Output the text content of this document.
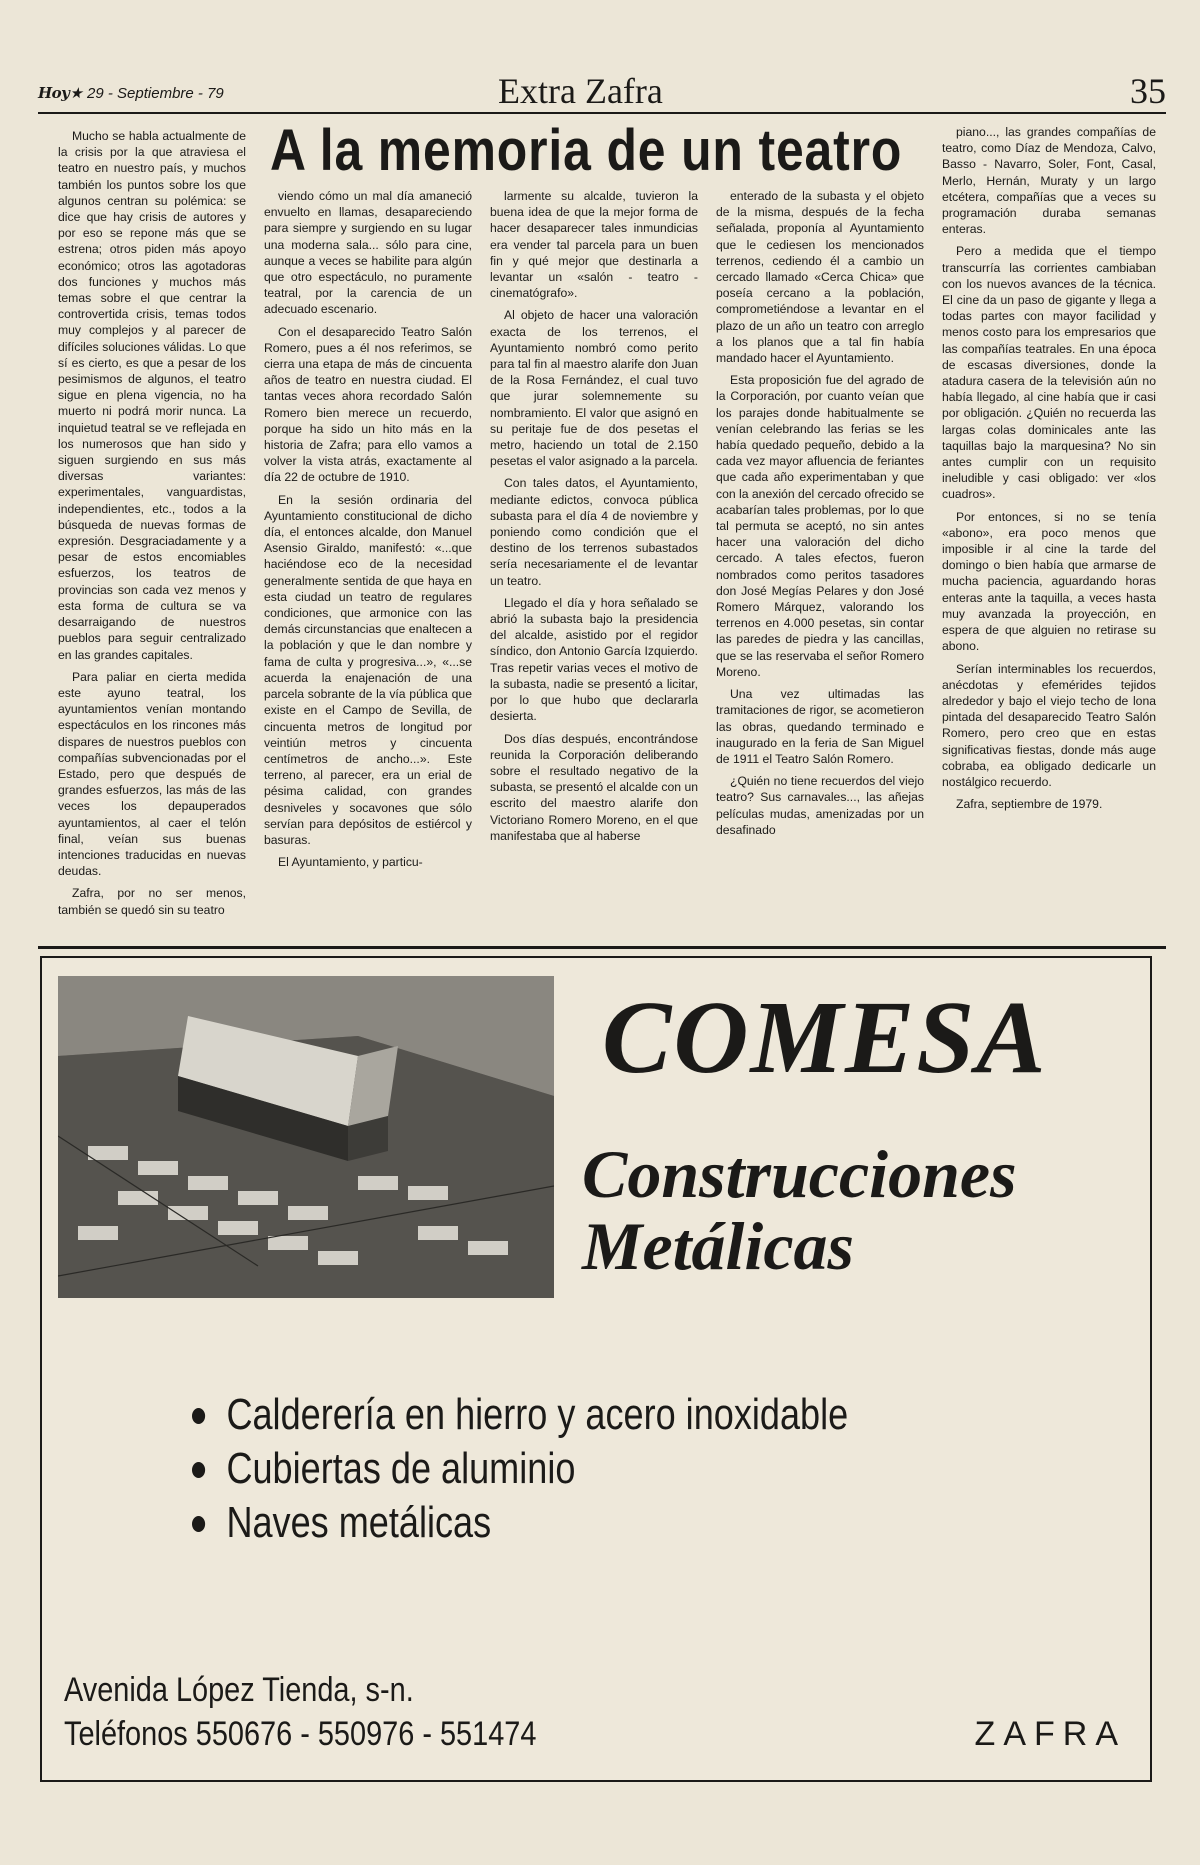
Hoy★ 29 - Septiembre - 79	Extra Zafra	35
A la memoria de un teatro

Mucho se habla actualmente de la crisis por la que atraviesa el teatro en nuestro país, y muchos también los puntos sobre los que algunos centran su polémica: se dice que hay crisis de autores y por eso se repone más que se estrena; otros piden más apoyo económico; otros las agotadoras dos funciones y muchos más temas sobre el que centrar la controvertida crisis, temas todos muy complejos y al parecer de difíciles soluciones válidas. Lo que sí es cierto, es que a pesar de los pesimismos de algunos, el teatro sigue en plena vigencia, no ha muerto ni podrá morir nunca. La inquietud teatral se ve reflejada en los numerosos que han sido y siguen surgiendo en sus más diversas variantes: experimentales, vanguardistas, independientes, etc., todos a la búsqueda de nuevas formas de expresión. Desgraciadamente y a pesar de estos encomiables esfuerzos, los teatros de provincias son cada vez menos y esta forma de cultura se va desarraigando de nuestros pueblos para seguir centralizado en las grandes capitales.

Para paliar en cierta medida este ayuno teatral, los ayuntamientos venían montando espectáculos en los rincones más dispares de nuestros pueblos con compañías subvencionadas por el Estado, pero que después de grandes esfuerzos, las más de las veces los depauperados ayuntamientos, al caer el telón final, veían sus buenas intenciones traducidas en nuevas deudas.

Zafra, por no ser menos, también se quedó sin su teatro

viendo cómo un mal día amaneció envuelto en llamas, desapareciendo para siempre y surgiendo en su lugar una moderna sala... sólo para cine, aunque a veces se habilite para algún que otro espectáculo, no puramente teatral, por la carencia de un adecuado escenario.

Con el desaparecido Teatro Salón Romero, pues a él nos referimos, se cierra una etapa de más de cincuenta años de teatro en nuestra ciudad. El tantas veces ahora recordado Salón Romero bien merece un recuerdo, porque ha sido un hito más en la historia de Zafra; para ello vamos a volver la vista atrás, exactamente al día 22 de octubre de 1910.

En la sesión ordinaria del Ayuntamiento constitucional de dicho día, el entonces alcalde, don Manuel Asensio Giraldo, manifestó: «...que haciéndose eco de la necesidad generalmente sentida de que haya en esta ciudad un teatro de regulares condiciones, que armonice con las demás circunstancias que enaltecen a la población y que le dan nombre y fama de culta y progresiva...», «...se acuerda la enajenación de una parcela sobrante de la vía pública que existe en el Campo de Sevilla, de cincuenta metros de longitud por veintiún metros y cincuenta centímetros de ancho...». Este terreno, al parecer, era un erial de pésima calidad, con grandes desniveles y socavones que sólo servían para depósitos de estiércol y basuras.

El Ayuntamiento, y particu-

larmente su alcalde, tuvieron la buena idea de que la mejor forma de hacer desaparecer tales inmundicias era vender tal parcela para un buen fin y qué mejor que destinarla a levantar un «salón - teatro - cinematógrafo».

Al objeto de hacer una valoración exacta de los terrenos, el Ayuntamiento nombró como perito para tal fin al maestro alarife don Juan de la Rosa Fernández, el cual tuvo que jurar solemnemente su nombramiento. El valor que asignó en su peritaje fue de dos pesetas el metro, haciendo un total de 2.150 pesetas el valor asignado a la parcela.

Con tales datos, el Ayuntamiento, mediante edictos, convoca pública subasta para el día 4 de noviembre y poniendo como condición que el destino de los terrenos subastados sería necesariamente el de levantar un teatro.

Llegado el día y hora señalado se abrió la subasta bajo la presidencia del alcalde, asistido por el regidor síndico, don Antonio García Izquierdo. Tras repetir varias veces el motivo de la subasta, nadie se presentó a licitar, por lo que hubo que declararla desierta.

Dos días después, encontrándose reunida la Corporación deliberando sobre el resultado negativo de la subasta, se presentó el alcalde con un escrito del maestro alarife don Victoriano Romero Moreno, en el que manifestaba que al haberse

enterado de la subasta y el objeto de la misma, después de la fecha señalada, proponía al Ayuntamiento que le cediesen los mencionados terrenos, cediendo él a cambio un cercado llamado «Cerca Chica» que poseía cercano a la población, comprometiéndose a levantar en el plazo de un año un teatro con arreglo a los planos que a tal fin había mandado hacer el Ayuntamiento.

Esta proposición fue del agrado de la Corporación, por cuanto veían que los parajes donde habitualmente se venían celebrando las ferias se les había quedado pequeño, debido a la cada vez mayor afluencia de feriantes que cada año experimentaban y que con la anexión del cercado ofrecido se acabarían tales problemas, por lo que tal permuta se aceptó, no sin antes hacer una valoración del dicho cercado. A tales efectos, fueron nombrados como peritos tasadores don José Megías Pelares y don José Romero Márquez, valorando los terrenos en 4.000 pesetas, sin contar las paredes de piedra y las cancillas, que se las reservaba el señor Romero Moreno.

Una vez ultimadas las tramitaciones de rigor, se acometieron las obras, quedando terminado e inaugurado en la feria de San Miguel de 1911 el Teatro Salón Romero.

¿Quién no tiene recuerdos del viejo teatro? Sus carnavales..., las añejas películas mudas, amenizadas por un desafinado

piano..., las grandes compañías de teatro, como Díaz de Mendoza, Calvo, Basso - Navarro, Soler, Font, Casal, Merlo, Hernán, Muraty y un largo etcétera, compañías que a veces su programación duraba semanas enteras.

Pero a medida que el tiempo transcurría las corrientes cambiaban con los nuevos avances de la técnica. El cine da un paso de gigante y llega a todas partes con mayor facilidad y menos costo para los empresarios que las compañías teatrales. En una época de escasas diversiones, donde la atadura casera de la televisión aún no había llegado, al cine había que ir casi por obligación. ¿Quién no recuerda las largas colas dominicales ante las taquillas bajo la marquesina? No sin antes cumplir con un requisito ineludible y casi obligado: ver «los cuadros».

Por entonces, si no se tenía «abono», era poco menos que imposible ir al cine la tarde del domingo o bien había que armarse de mucha paciencia, aguardando horas enteras ante la taquilla, a veces hasta muy avanzada la proyección, en espera de que alguien no retirase su abono.

Serían interminables los recuerdos, anécdotas y efemérides tejidos alrededor y bajo el viejo techo de lona pintada del desaparecido Teatro Salón Romero, pero creo que en estas significativas fiestas, donde más auge cobraba, ea obligado dedicarle un nostálgico recuerdo.

Zafra, septiembre de 1979.

COMESA
Construcciones
Metálicas
Calderería en hierro y acero inoxidable
Cubiertas de aluminio
Naves metálicas
Avenida López Tienda, s-n.
Teléfonos 550676 - 550976 - 551474	ZAFRA
